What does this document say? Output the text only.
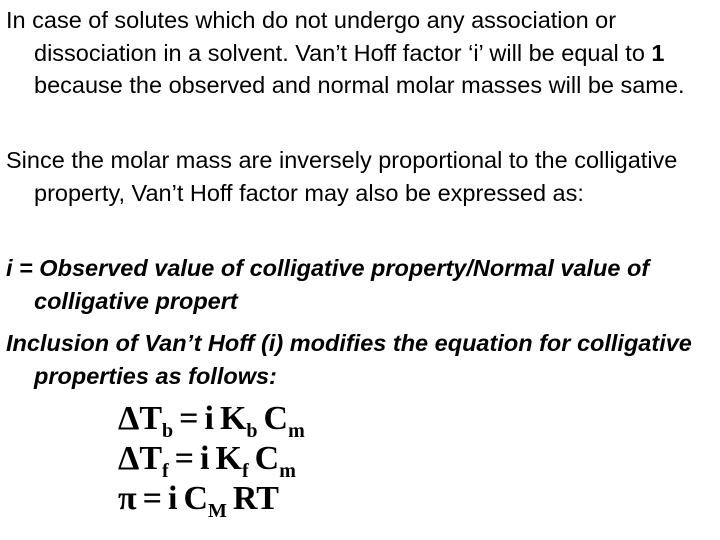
In case of solutes which do not undergo any association or dissociation in a solvent. Van’t Hoff factor ‘i’ will be equal to 1 because the observed and normal molar masses will be same.

Since the molar mass are inversely proportional to the colligative property, Van’t Hoff factor may also be expressed as:

i = Observed value of colligative property/Normal value of colligative propert

Inclusion of Van’t Hoff (i) modifies the equation for colligative properties as follows:

$\Delta T_b = i$ $K_b$ $C_m$
$\Delta T_f = i$ $K_f$ $C_m$
π = i $C_M$ RT
